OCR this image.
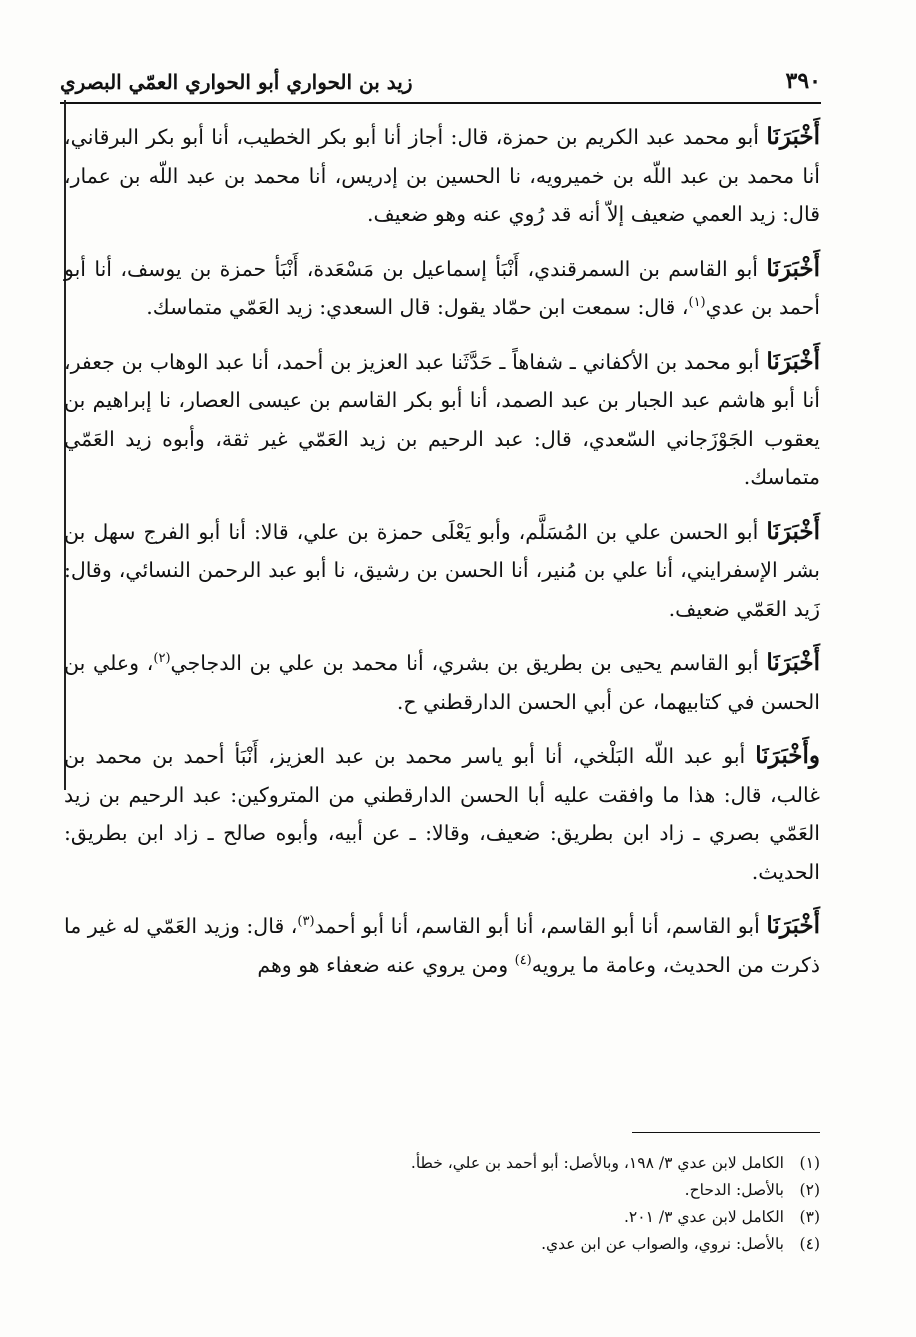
٣٩٠
زيد بن الحواري أبو الحواري العمّي البصري

أَخْبَرَنَا أبو محمد عبد الكريم بن حمزة، قال: أجاز أنا أبو بكر الخطيب، أنا أبو بكر البرقاني، أنا محمد بن عبد اللّه بن خميرويه، نا الحسين بن إدريس، أنا محمد بن عبد اللّه بن عمار، قال: زيد العمي ضعيف إلاّ أنه قد رُوي عنه وهو ضعيف.

أَخْبَرَنَا أبو القاسم بن السمرقندي، أَنْبَأ إسماعيل بن مَسْعَدة، أَنْبَأ حمزة بن يوسف، أنا أبو أحمد بن عدي$^{(١)}$، قال: سمعت ابن حمّاد يقول: قال السعدي: زيد العَمّي متماسك.

أَخْبَرَنَا أبو محمد بن الأكفاني ـ شفاهاً ـ حَدَّثَنا عبد العزيز بن أحمد، أنا عبد الوهاب بن جعفر، أنا أبو هاشم عبد الجبار بن عبد الصمد، أنا أبو بكر القاسم بن عيسى العصار، نا إبراهيم بن يعقوب الجَوْزَجاني السّعدي، قال: عبد الرحيم بن زيد العَمّي غير ثقة، وأبوه زيد العَمّي متماسك.

أَخْبَرَنَا أبو الحسن علي بن المُسَلَّم، وأبو يَعْلَى حمزة بن علي، قالا: أنا أبو الفرج سهل بن بشر الإسفرايني، أنا علي بن مُنير، أنا الحسن بن رشيق، نا أبو عبد الرحمن النسائي، وقال: زَيد العَمّي ضعيف.

أَخْبَرَنَا أبو القاسم يحيى بن بطريق بن بشري، أنا محمد بن علي بن الدجاجي$^{(٢)}$، وعلي بن الحسن في كتابيهما، عن أبي الحسن الدارقطني ح.

وأَخْبَرَنَا أبو عبد اللّه البَلْخي، أنا أبو ياسر محمد بن عبد العزيز، أَنْبَأ أحمد بن محمد بن غالب، قال: هذا ما وافقت عليه أبا الحسن الدارقطني من المتروكين: عبد الرحيم بن زيد العَمّي بصري ـ زاد ابن بطريق: ضعيف، وقالا: ـ عن أبيه، وأبوه صالح ـ زاد ابن بطريق: الحديث.

أَخْبَرَنَا أبو القاسم، أنا أبو القاسم، أنا أبو القاسم، أنا أبو أحمد$^{(٣)}$، قال: وزيد العَمّي له غير ما ذكرت من الحديث، وعامة ما يرويه$^{(٤)}$ ومن يروي عنه ضعفاء هو وهم

(١)الكامل لابن عدي ٣/ ١٩٨، وبالأصل: أبو أحمد بن علي، خطأ.

(٢)بالأصل: الدحاح.

(٣)الكامل لابن عدي ٣/ ٢٠١.

(٤)بالأصل: نروي، والصواب عن ابن عدي.
